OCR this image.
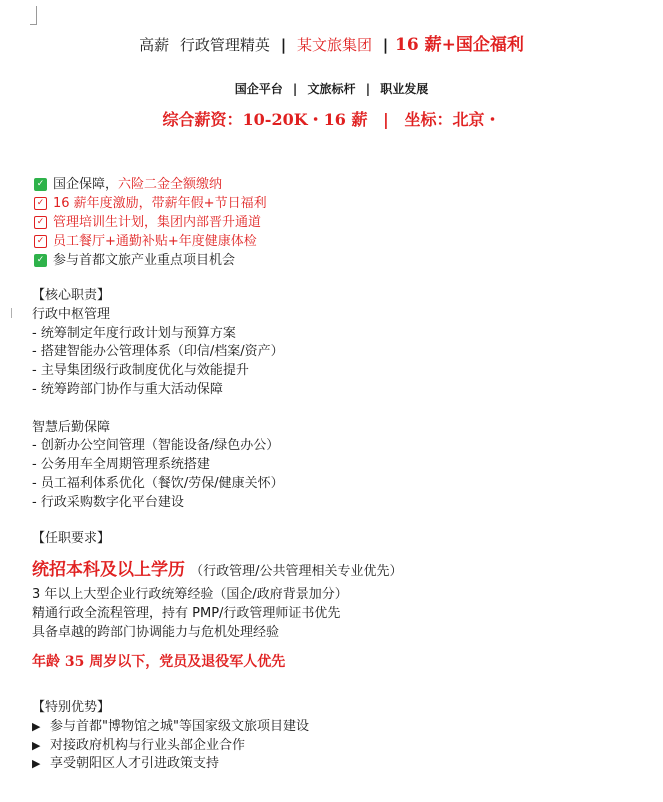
高薪 行政管理精英 | 某文旅集团 | 16 薪+国企福利
国企平台 | 文旅标杆 | 职业发展
综合薪资：10-20K・16 薪 | 坐标：北京・
✓ 国企保障， 六险二金全额缴纳
✓ 16 薪年度激励，带薪年假+节日福利
✓ 管理培训生计划，集团内部晋升通道
✓ 员工餐厅+通勤补贴+年度健康体检
✓ 参与首都文旅产业重点项目机会
【核心职责】
行政中枢管理
- 统筹制定年度行政计划与预算方案
- 搭建智能办公管理体系（印信/档案/资产）
- 主导集团级行政制度优化与效能提升
- 统筹跨部门协作与重大活动保障
智慧后勤保障
- 创新办公空间管理（智能设备/绿色办公）
- 公务用车全周期管理系统搭建
- 员工福利体系优化（餐饮/劳保/健康关怀）
- 行政采购数字化平台建设
【任职要求】
统招本科及以上学历 （行政管理/公共管理相关专业优先）
3 年以上大型企业行政统筹经验（国企/政府背景加分）
精通行政全流程管理，持有 PMP/行政管理师证书优先
具备卓越的跨部门协调能力与危机处理经验
年龄 35 周岁以下，党员及退役军人优先
【特别优势】
▶ 参与首都"博物馆之城"等国家级文旅项目建设
▶ 对接政府机构与行业头部企业合作
▶ 享受朝阳区人才引进政策支持
